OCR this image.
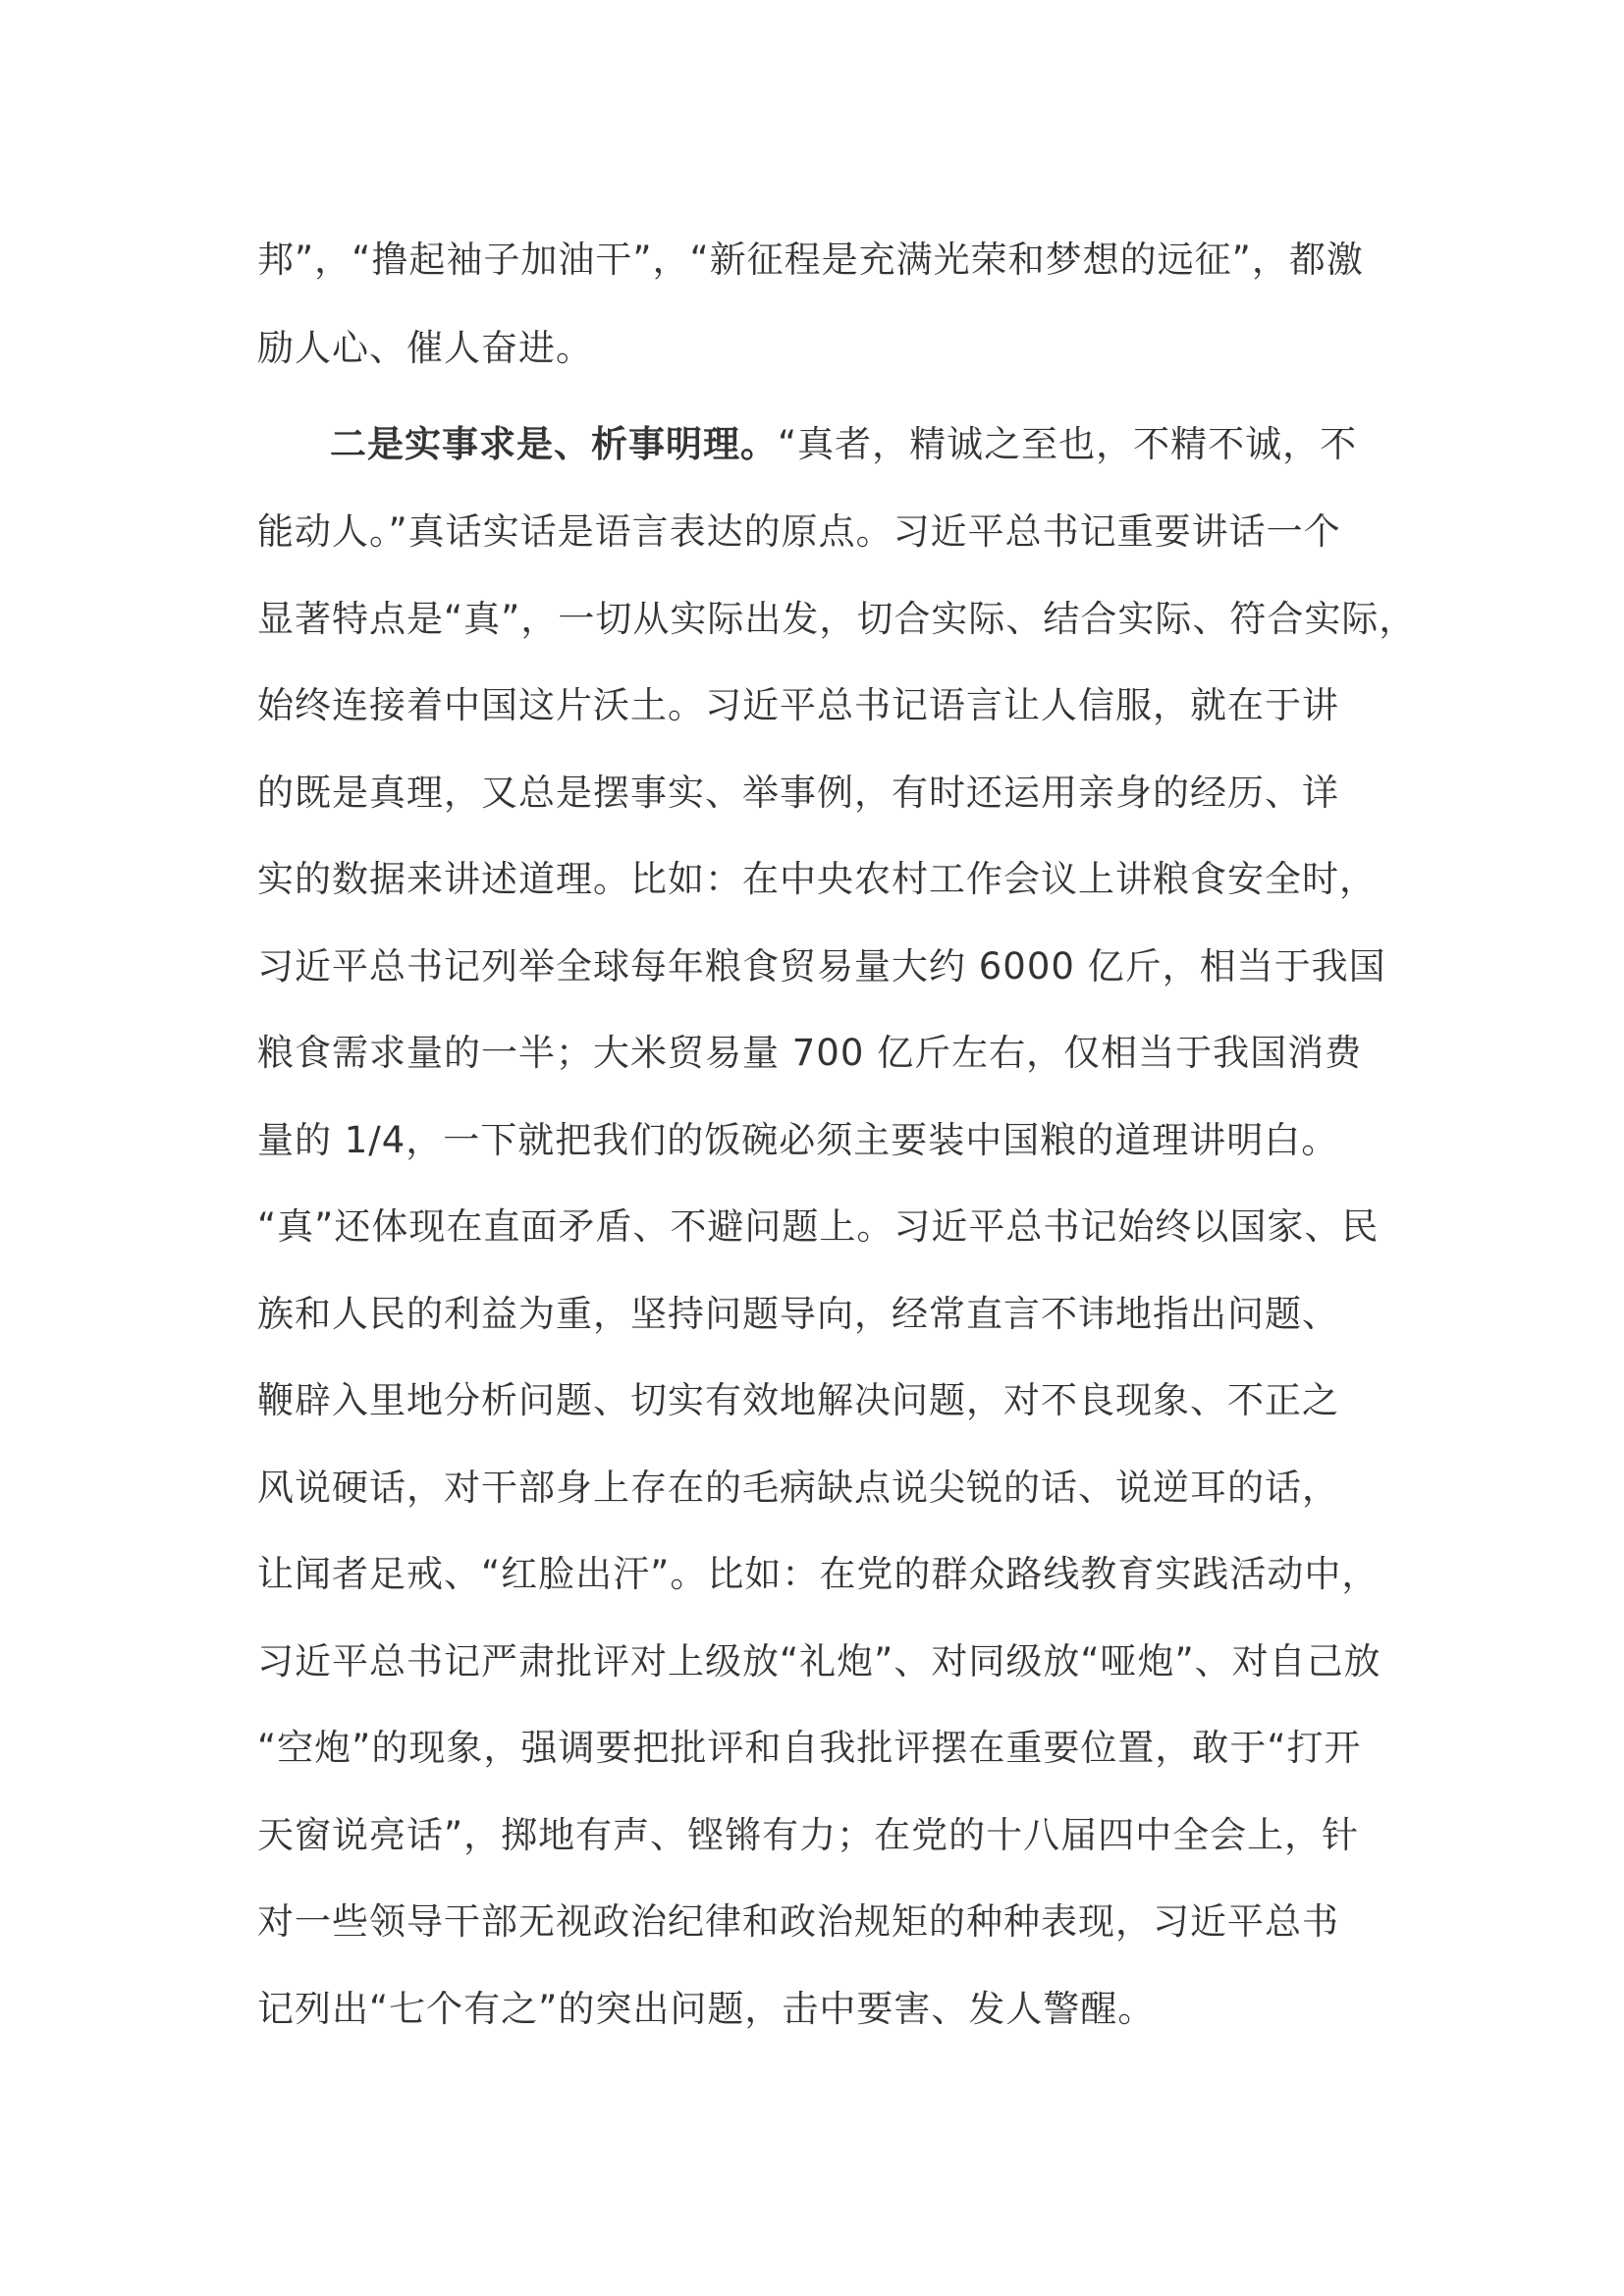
邦”，“撸起袖子加油干”，“新征程是充满光荣和梦想的远征”，都激
励人心、催人奋进。
二是实事求是、析事明理。“真者，精诚之至也，不精不诚，不
能动人。”真话实话是语言表达的原点。习近平总书记重要讲话一个
显著特点是“真”，一切从实际出发，切合实际、结合实际、符合实际，
始终连接着中国这片沃土。习近平总书记语言让人信服，就在于讲
的既是真理，又总是摆事实、举事例，有时还运用亲身的经历、详
实的数据来讲述道理。比如：在中央农村工作会议上讲粮食安全时，
习近平总书记列举全球每年粮食贸易量大约 6000 亿斤，相当于我国
粮食需求量的一半；大米贸易量 700 亿斤左右，仅相当于我国消费
量的 1/4，一下就把我们的饭碗必须主要装中国粮的道理讲明白。
“真”还体现在直面矛盾、不避问题上。习近平总书记始终以国家、民
族和人民的利益为重，坚持问题导向，经常直言不讳地指出问题、
鞭辟入里地分析问题、切实有效地解决问题，对不良现象、不正之
风说硬话，对干部身上存在的毛病缺点说尖锐的话、说逆耳的话，
让闻者足戒、“红脸出汗”。比如：在党的群众路线教育实践活动中，
习近平总书记严肃批评对上级放“礼炮”、对同级放“哑炮”、对自己放
“空炮”的现象，强调要把批评和自我批评摆在重要位置，敢于“打开
天窗说亮话”，掷地有声、铿锵有力；在党的十八届四中全会上，针
对一些领导干部无视政治纪律和政治规矩的种种表现，习近平总书
记列出“七个有之”的突出问题，击中要害、发人警醒。
